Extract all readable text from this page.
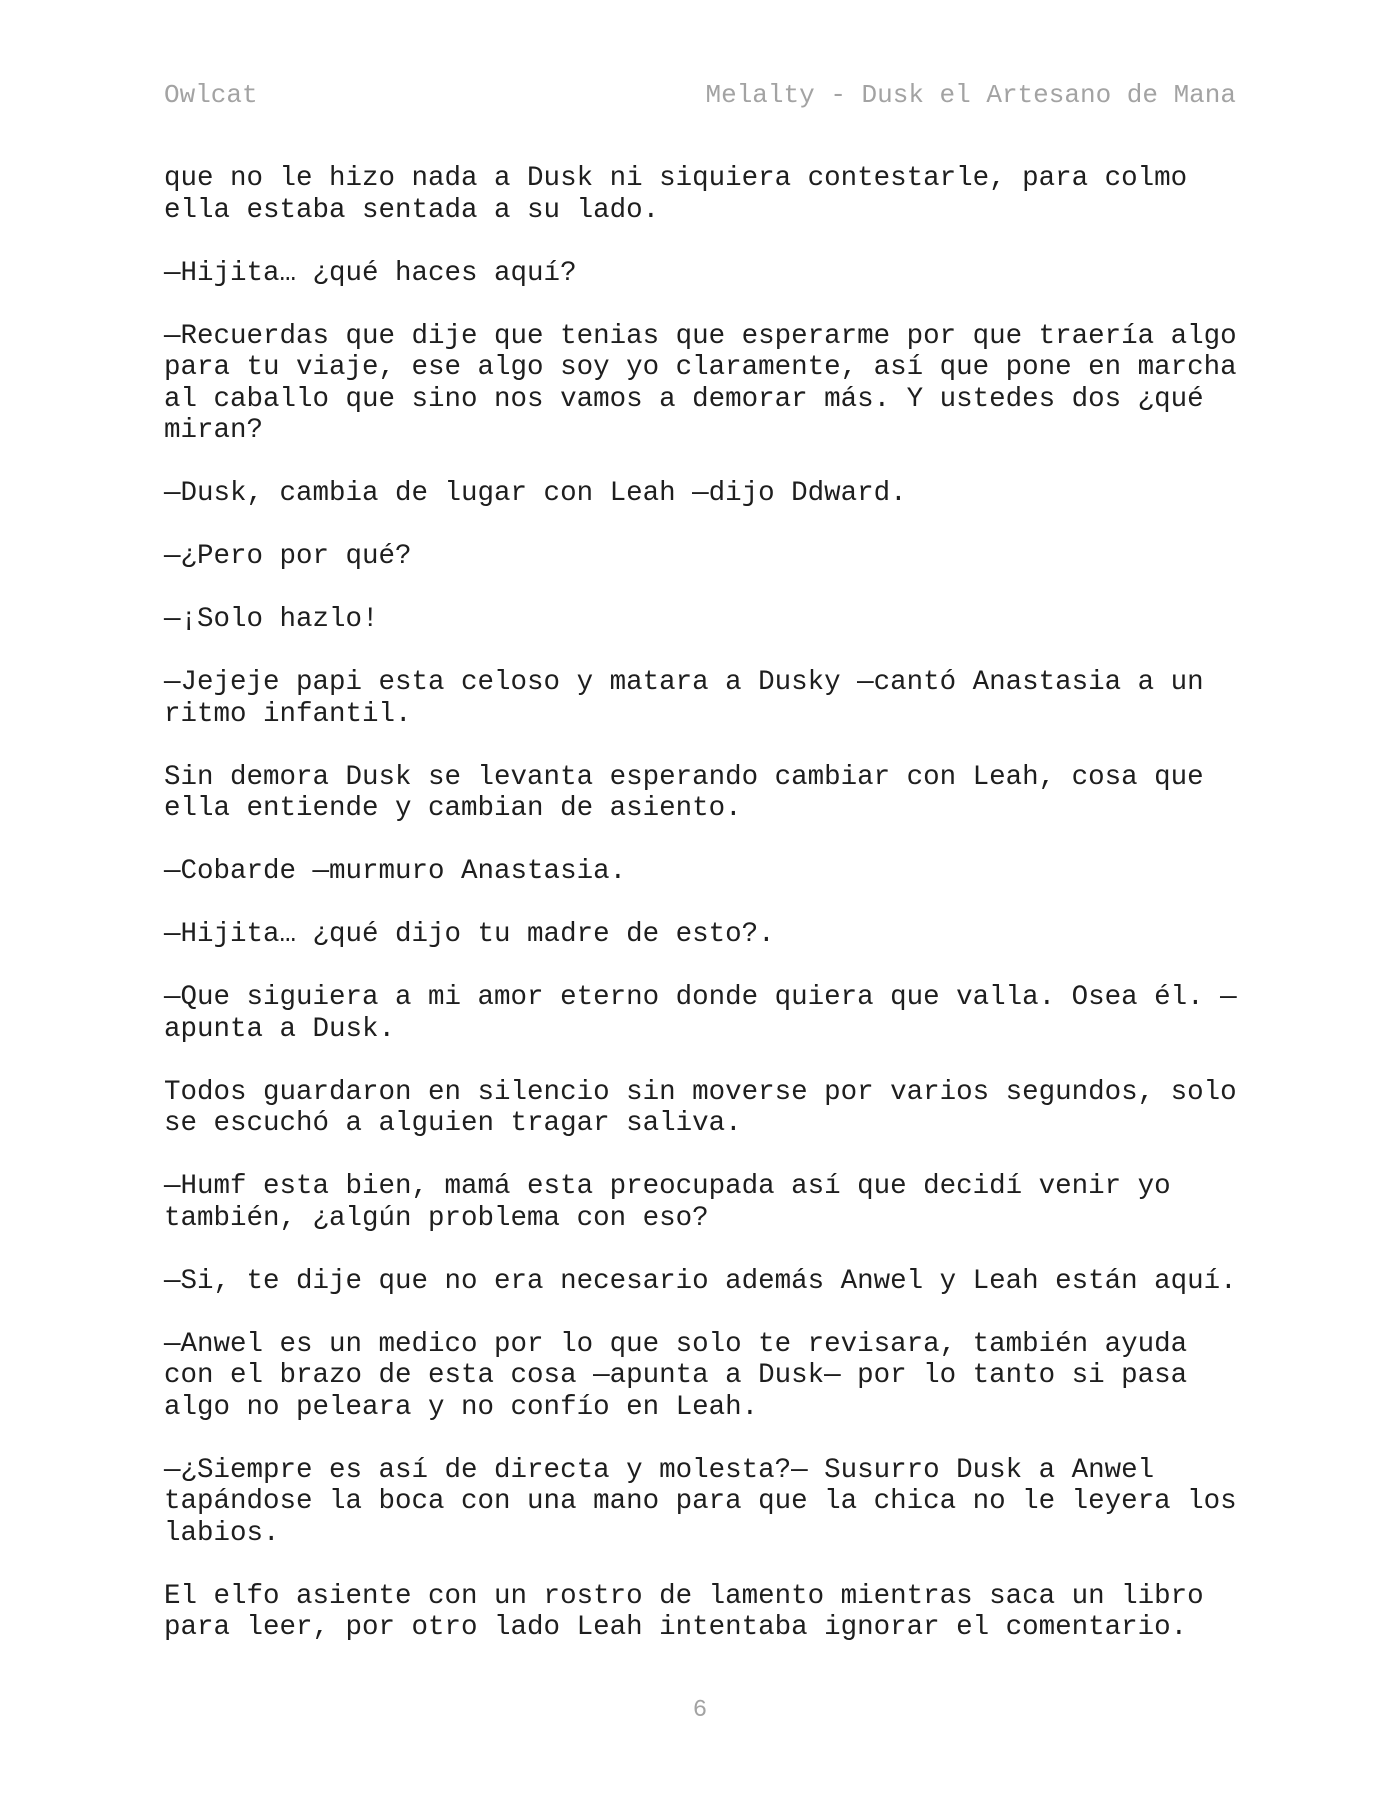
Owlcat	Melalty - Dusk el Artesano de Mana

que no le hizo nada a Dusk ni siquiera contestarle, para colmo
ella estaba sentada a su lado.

—Hijita… ¿qué haces aquí?

—Recuerdas que dije que tenias que esperarme por que traería algo
para tu viaje, ese algo soy yo claramente, así que pone en marcha
al caballo que sino nos vamos a demorar más. Y ustedes dos ¿qué
miran?

—Dusk, cambia de lugar con Leah —dijo Ddward.

—¿Pero por qué?

—¡Solo hazlo!

—Jejeje papi esta celoso y matara a Dusky —cantó Anastasia a un
ritmo infantil.

Sin demora Dusk se levanta esperando cambiar con Leah, cosa que
ella entiende y cambian de asiento.

—Cobarde —murmuro Anastasia.

—Hijita… ¿qué dijo tu madre de esto?.

—Que siguiera a mi amor eterno donde quiera que valla. Osea él. —
apunta a Dusk.

Todos guardaron en silencio sin moverse por varios segundos, solo
se escuchó a alguien tragar saliva.

—Humf esta bien, mamá esta preocupada así que decidí venir yo
también, ¿algún problema con eso?

—Si, te dije que no era necesario además Anwel y Leah están aquí.

—Anwel es un medico por lo que solo te revisara, también ayuda
con el brazo de esta cosa —apunta a Dusk— por lo tanto si pasa
algo no peleara y no confío en Leah.

—¿Siempre es así de directa y molesta?— Susurro Dusk a Anwel
tapándose la boca con una mano para que la chica no le leyera los
labios.

El elfo asiente con un rostro de lamento mientras saca un libro
para leer, por otro lado Leah intentaba ignorar el comentario.

6
